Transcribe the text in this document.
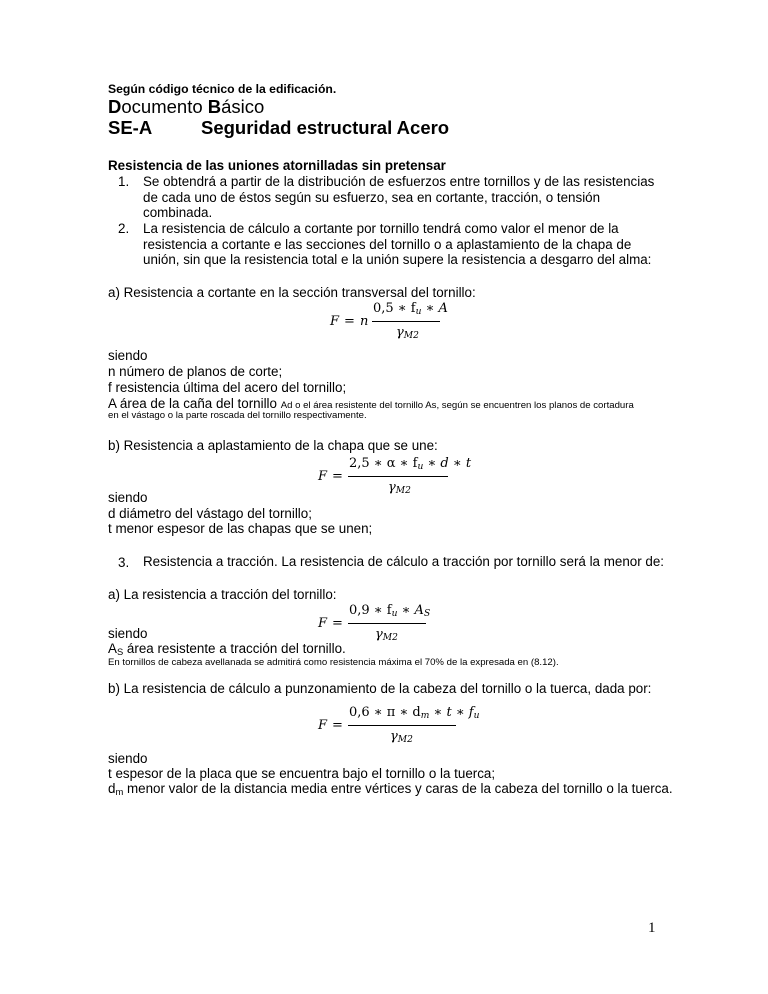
Según código técnico de la edificación.
Documento Básico
SE-A	Seguridad estructural Acero
Resistencia de las uniones atornilladas sin pretensar
1. Se obtendrá a partir de la distribución de esfuerzos entre tornillos y de las resistencias
de cada uno de éstos según su esfuerzo, sea en cortante, tracción, o tensión
combinada.
2. La resistencia de cálculo a cortante por tornillo tendrá como valor el menor de la
resistencia a cortante e las secciones del tornillo o a aplastamiento de la chapa de
unión, sin que la resistencia total e la unión supere la resistencia a desgarro del alma:
a) Resistencia a cortante en la sección transversal del tornillo:
F = n
0,5 ∗ $f_u$ ∗ A
$\gamma_{M2}$
siendo
n número de planos de corte;
f resistencia última del acero del tornillo;
A área de la caña del tornillo Ad o el área resistente del tornillo As, según se encuentren los planos de cortadura
en el vástago o la parte roscada del tornillo respectivamente.
b) Resistencia a aplastamiento de la chapa que se une:
F =
2,5 ∗ α ∗ $f_u$ ∗ d ∗ t
$\gamma_{M2}$
siendo
d diámetro del vástago del tornillo;
t menor espesor de las chapas que se unen;
3. Resistencia a tracción. La resistencia de cálculo a tracción por tornillo será la menor de:
a) La resistencia a tracción del tornillo:
F =
0,9 ∗ $f_u$ ∗ $A_S$
$\gamma_{M2}$
siendo
$A_S$ área resistente a tracción del tornillo.
En tornillos de cabeza avellanada se admitirá como resistencia máxima el 70% de la expresada en (8.12).
b) La resistencia de cálculo a punzonamiento de la cabeza del tornillo o la tuerca, dada por:
F =
0,6 ∗ π ∗ $d_m$ ∗ t ∗ $f_u$
$\gamma_{M2}$
siendo
t espesor de la placa que se encuentra bajo el tornillo o la tuerca;
$d_m$ menor valor de la distancia media entre vértices y caras de la cabeza del tornillo o la tuerca.
1
